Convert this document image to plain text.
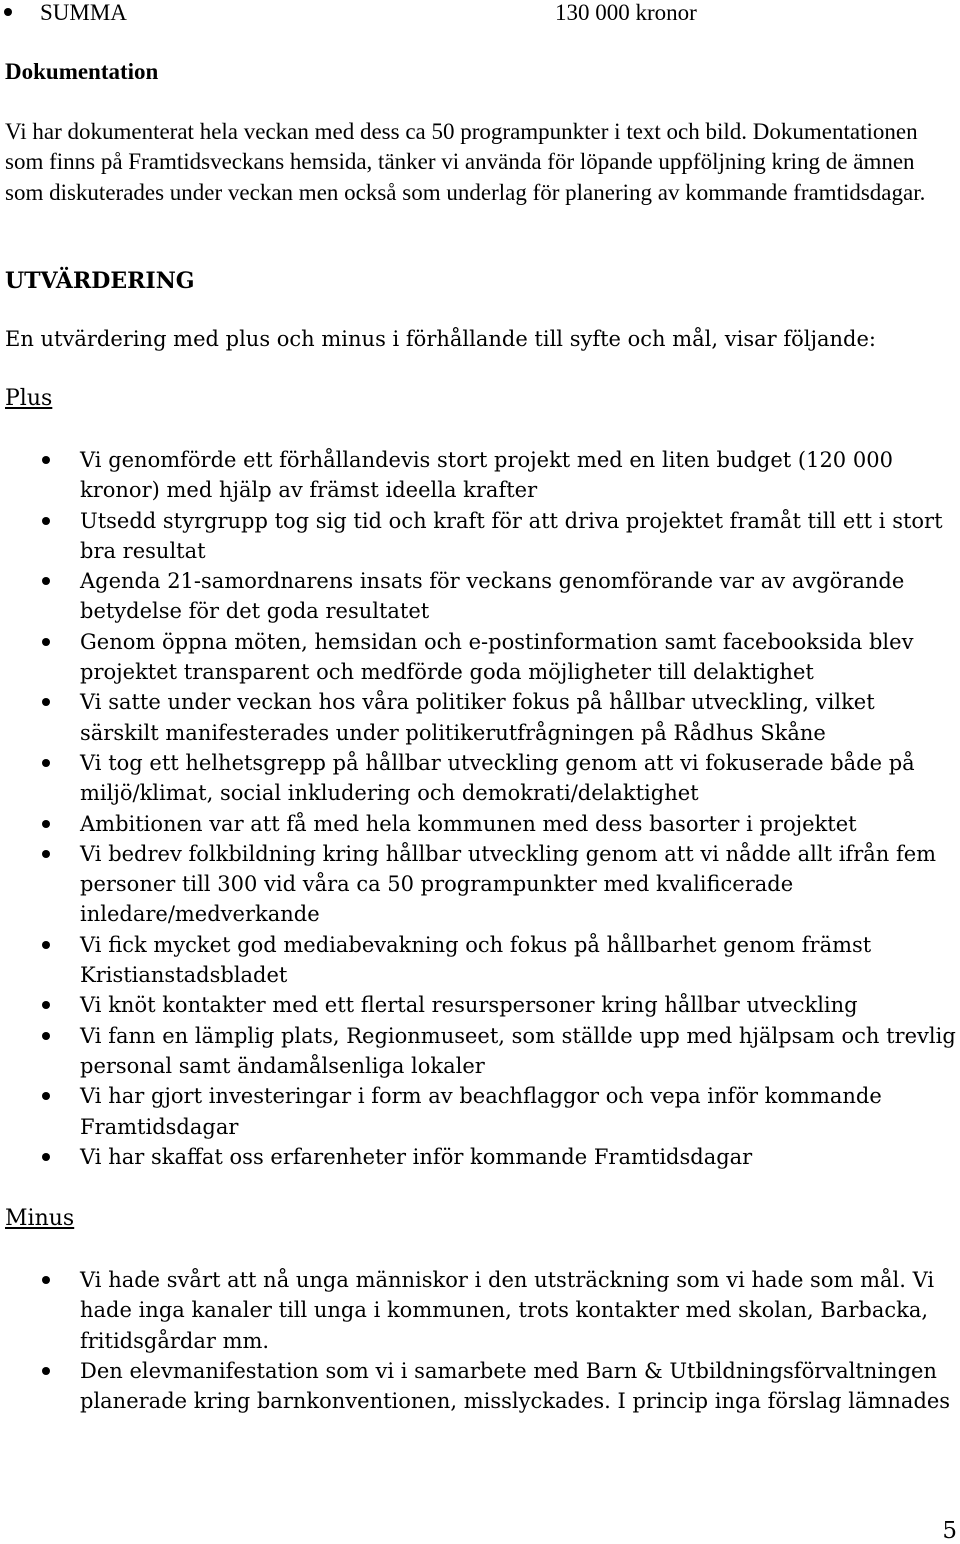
SUMMA	130 000 kronor
Dokumentation
Vi har dokumenterat hela veckan med dess ca 50 programpunkter i text och bild. Dokumentationen som finns på Framtidsveckans hemsida, tänker vi använda för löpande uppföljning kring de ämnen som diskuterades under veckan men också som underlag för planering av kommande framtidsdagar.
UTVÄRDERING
En utvärdering med plus och minus i förhållande till syfte och mål, visar följande:
Plus
Vi genomförde ett förhållandevis stort projekt med en liten budget (120 000 kronor) med hjälp av främst ideella krafter
Utsedd styrgrupp tog sig tid och kraft för att driva projektet framåt till ett i stort bra resultat
Agenda 21-samordnarens insats för veckans genomförande var av avgörande betydelse för det goda resultatet
Genom öppna möten, hemsidan och e-postinformation samt facebooksida blev projektet transparent och medförde goda möjligheter till delaktighet
Vi satte under veckan hos våra politiker fokus på hållbar utveckling, vilket särskilt manifesterades under politikerutfrågningen på Rådhus Skåne
Vi tog ett helhetsgrepp på hållbar utveckling genom att vi fokuserade både på miljö/klimat, social inkludering och demokrati/delaktighet
Ambitionen var att få med hela kommunen med dess basorter i projektet
Vi bedrev folkbildning kring hållbar utveckling genom att vi nådde allt ifrån fem personer till 300 vid våra ca 50 programpunkter med kvalificerade inledare/medverkande
Vi fick mycket god mediabevakning och fokus på hållbarhet genom främst Kristianstadsbladet
Vi knöt kontakter med ett flertal resurspersoner kring hållbar utveckling
Vi fann en lämplig plats, Regionmuseet, som ställde upp med hjälpsam och trevlig personal samt ändamålsenliga lokaler
Vi har gjort investeringar i form av beachflaggor och vepa inför kommande Framtidsdagar
Vi har skaffat oss erfarenheter inför kommande Framtidsdagar
Minus
Vi hade svårt att nå unga människor i den utsträckning som vi hade som mål. Vi hade inga kanaler till unga i kommunen, trots kontakter med skolan, Barbacka, fritidsgårdar mm.
Den elevmanifestation som vi i samarbete med Barn & Utbildningsförvaltningen planerade kring barnkonventionen, misslyckades. I princip inga förslag lämnades
5
